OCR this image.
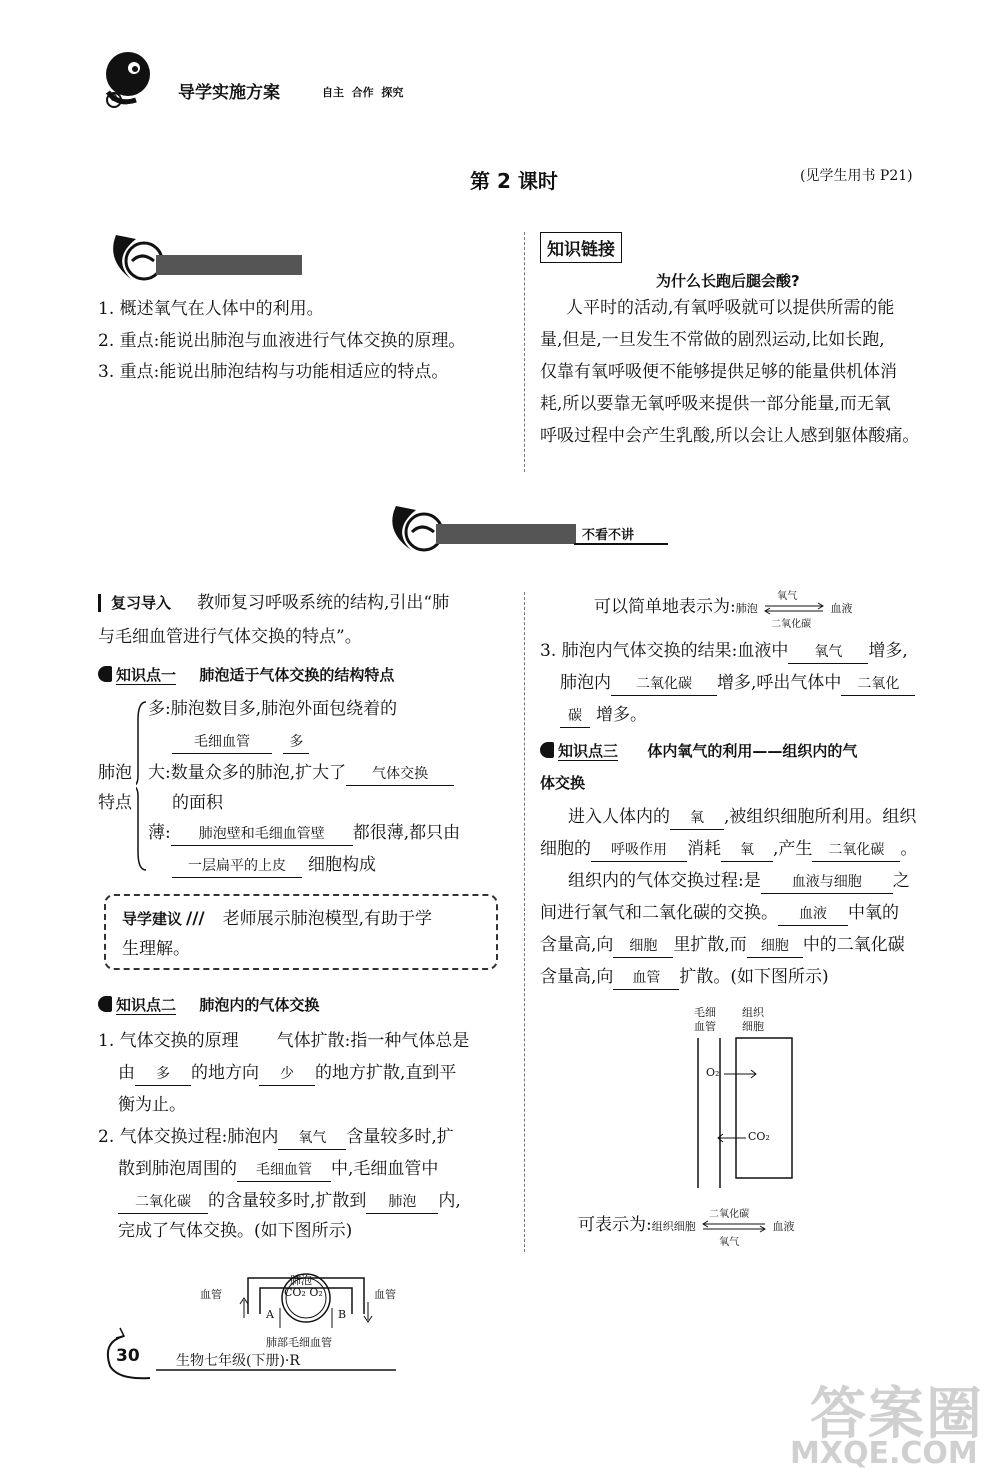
e	导学实施方案	自主  合作  探究
第 2 课时	(见学生用书 P21)
1. 概述氧气在人体中的利用。
2. 重点:能说出肺泡与血液进行气体交换的原理。
3. 重点:能说出肺泡结构与功能相适应的特点。
知识链接
为什么长跑后腿会酸?
人平时的活动,有氧呼吸就可以提供所需的能
量,但是,一旦发生不常做的剧烈运动,比如长跑,
仅靠有氧呼吸便不能够提供足够的能量供机体消
耗,所以要靠无氧呼吸来提供一部分能量,而无氧
呼吸过程中会产生乳酸,所以会让人感到躯体酸痛。
不看不讲
复习导入 教师复习呼吸系统的结构,引出“肺
与毛细血管进行气体交换的特点”。
知识点一 肺泡适于气体交换的结构特点
肺泡
特点
多:肺泡数目多,肺泡外面包绕着的
毛细血管	多
大:数量众多的肺泡,扩大了 气体交换
的面积
薄: 肺泡壁和毛细血管壁 都很薄,都只由
一层扁平的上皮 细胞构成
导学建议 /// 老师展示肺泡模型,有助于学
生理解。
知识点二 肺泡内的气体交换
1. 气体交换的原理 气体扩散:指一种气体总是
由 多 的地方向 少 的地方扩散,直到平
衡为止。
2. 气体交换过程:肺泡内 氧气 含量较多时,扩
散到肺泡周围的 毛细血管 中,毛细血管中
二氧化碳 的含量较多时,扩散到 肺泡 内,
完成了气体交换。(如下图所示)
肺泡
CO₂ O₂
血管	血管
A	B
肺部毛细血管
可以简单地表示为:肺泡
氧气
二氧化碳
血液
3. 肺泡内气体交换的结果:血液中 氧气 增多,
肺泡内 二氧化碳 增多,呼出气体中 二氧化
碳 增多。
知识点三 体内氧气的利用——组织内的气
体交换
进入人体内的 氧 ,被组织细胞所利用。组织
细胞的 呼吸作用 消耗 氧 ,产生 二氧化碳 。
组织内的气体交换过程:是 血液与细胞 之
间进行氧气和二氧化碳的交换。 血液 中氧的
含量高,向 细胞 里扩散,而 细胞 中的二氧化碳
含量高,向 血管 扩散。(如下图所示)
毛细
血管
组织
细胞
O₂
CO₂
可表示为:组织细胞
二氧化碳
氧气
血液
30	生物七年级(下册)·R
答案圈
MXQE.COM
